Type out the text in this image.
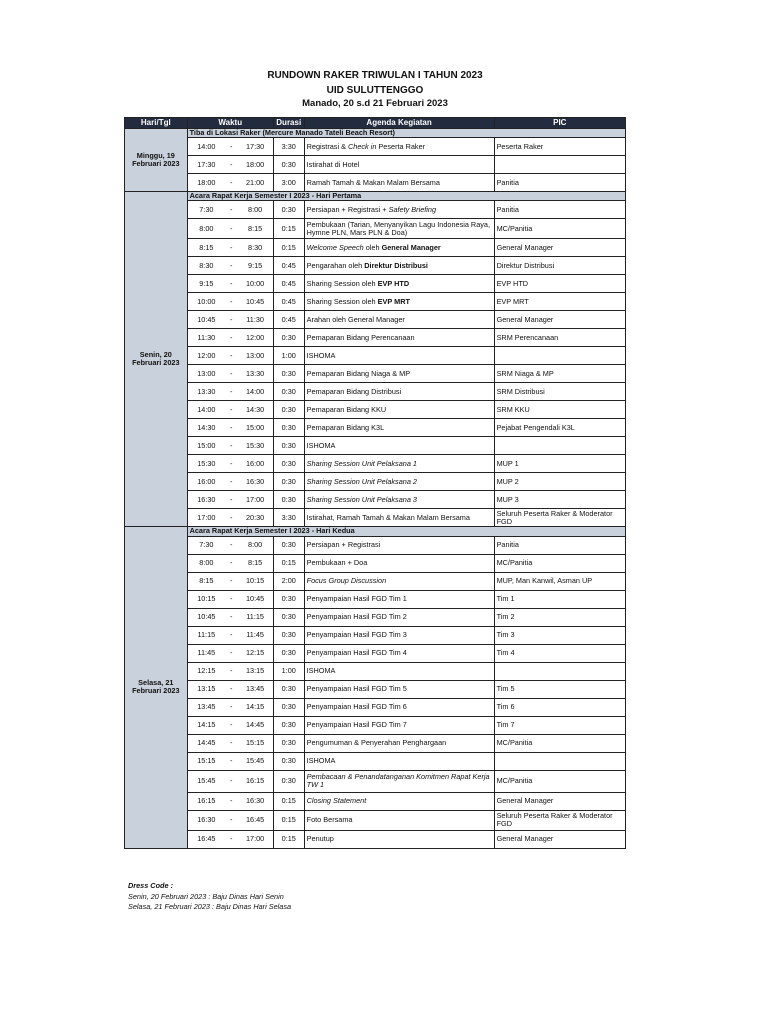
RUNDOWN RAKER TRIWULAN I TAHUN 2023
UID SULUTTENGGO
Manado, 20 s.d 21 Februari 2023
Hari/Tgl	Waktu			Durasi	Agenda Kegiatan	PIC
Minggu, 19
Februari 2023	Tiba di Lokasi Raker (Mercure Manado Tateli Beach Resort)					
	14:00	-	17:30	3:30	Registrasi & Check in Peserta Raker	Peserta Raker
	17:30	-	18:00	0:30	Istirahat di Hotel	
	18:00	-	21:00	3:00	Ramah Tamah & Makan Malam Bersama	Panitia
Senin, 20
Februari 2023	Acara Rapat Kerja Semester I 2023 - Hari Pertama					
	7:30	-	8:00	0:30	Persiapan + Registrasi + Safety Briefing	Panitia
	8:00	-	8:15	0:15	Pembukaan (Tarian, Menyanyikan Lagu Indonesia Raya, Hymne PLN, Mars PLN & Doa)	MC/Panitia
	8:15	-	8:30	0:15	Welcome Speech oleh General Manager	General Manager
	8:30	-	9:15	0:45	Pengarahan oleh Direktur Distribusi	Direktur Distribusi
	9:15	-	10:00	0:45	Sharing Session oleh EVP HTD	EVP HTD
	10:00	-	10:45	0:45	Sharing Session oleh EVP MRT	EVP MRT
	10:45	-	11:30	0:45	Arahan oleh General Manager	General Manager
	11:30	-	12:00	0:30	Pemaparan Bidang Perencanaan	SRM Perencanaan
	12:00	-	13:00	1:00	ISHOMA	
	13:00	-	13:30	0:30	Pemaparan Bidang Niaga & MP	SRM Niaga & MP
	13:30	-	14:00	0:30	Pemaparan Bidang Distribusi	SRM Distribusi
	14:00	-	14:30	0:30	Pemaparan Bidang KKU	SRM KKU
	14:30	-	15:00	0:30	Pemaparan Bidang K3L	Pejabat Pengendali K3L
	15:00	-	15:30	0:30	ISHOMA	
	15:30	-	16:00	0:30	Sharing Session Unit Pelaksana 1	MUP 1
	16:00	-	16:30	0:30	Sharing Session Unit Pelaksana 2	MUP 2
	16:30	-	17:00	0:30	Sharing Session Unit Pelaksana 3	MUP 3
	17:00	-	20:30	3:30	Istirahat, Ramah Tamah & Makan Malam Bersama	Seluruh Peserta Raker & Moderator FGD
Selasa, 21
Februari 2023	Acara Rapat Kerja Semester I 2023 - Hari Kedua					
	7:30	-	8:00	0:30	Persiapan + Registrasi	Panitia
	8:00	-	8:15	0:15	Pembukaan + Doa	MC/Panitia
	8:15	-	10:15	2:00	Focus Group Discussion	MUP, Man Kanwil, Asman UP
	10:15	-	10:45	0:30	Penyampaian Hasil FGD Tim 1	Tim 1
	10:45	-	11:15	0:30	Penyampaian Hasil FGD Tim 2	Tim 2
	11:15	-	11:45	0:30	Penyampaian Hasil FGD Tim 3	Tim 3
	11:45	-	12:15	0:30	Penyampaian Hasil FGD Tim 4	Tim 4
	12:15	-	13:15	1:00	ISHOMA	
	13:15	-	13:45	0:30	Penyampaian Hasil FGD Tim 5	Tim 5
	13:45	-	14:15	0:30	Penyampaian Hasil FGD Tim 6	Tim 6
	14:15	-	14:45	0:30	Penyampaian Hasil FGD Tim 7	Tim 7
	14:45	-	15:15	0:30	Pengumuman & Penyerahan Penghargaan	MC/Panitia
	15:15	-	15:45	0:30	ISHOMA	
	15:45	-	16:15	0:30	Pembacaan & Penandatanganan Komitmen Rapat Kerja TW 1	MC/Panitia
	16:15	-	16:30	0:15	Closing Statement	General Manager
	16:30	-	16:45	0:15	Foto Bersama	Seluruh Peserta Raker & Moderator FGD
	16:45	-	17:00	0:15	Penutup	General Manager
Dress Code :
Senin, 20 Februari 2023 : Baju Dinas Hari Senin
Selasa, 21 Februari 2023 : Baju Dinas Hari Selasa
